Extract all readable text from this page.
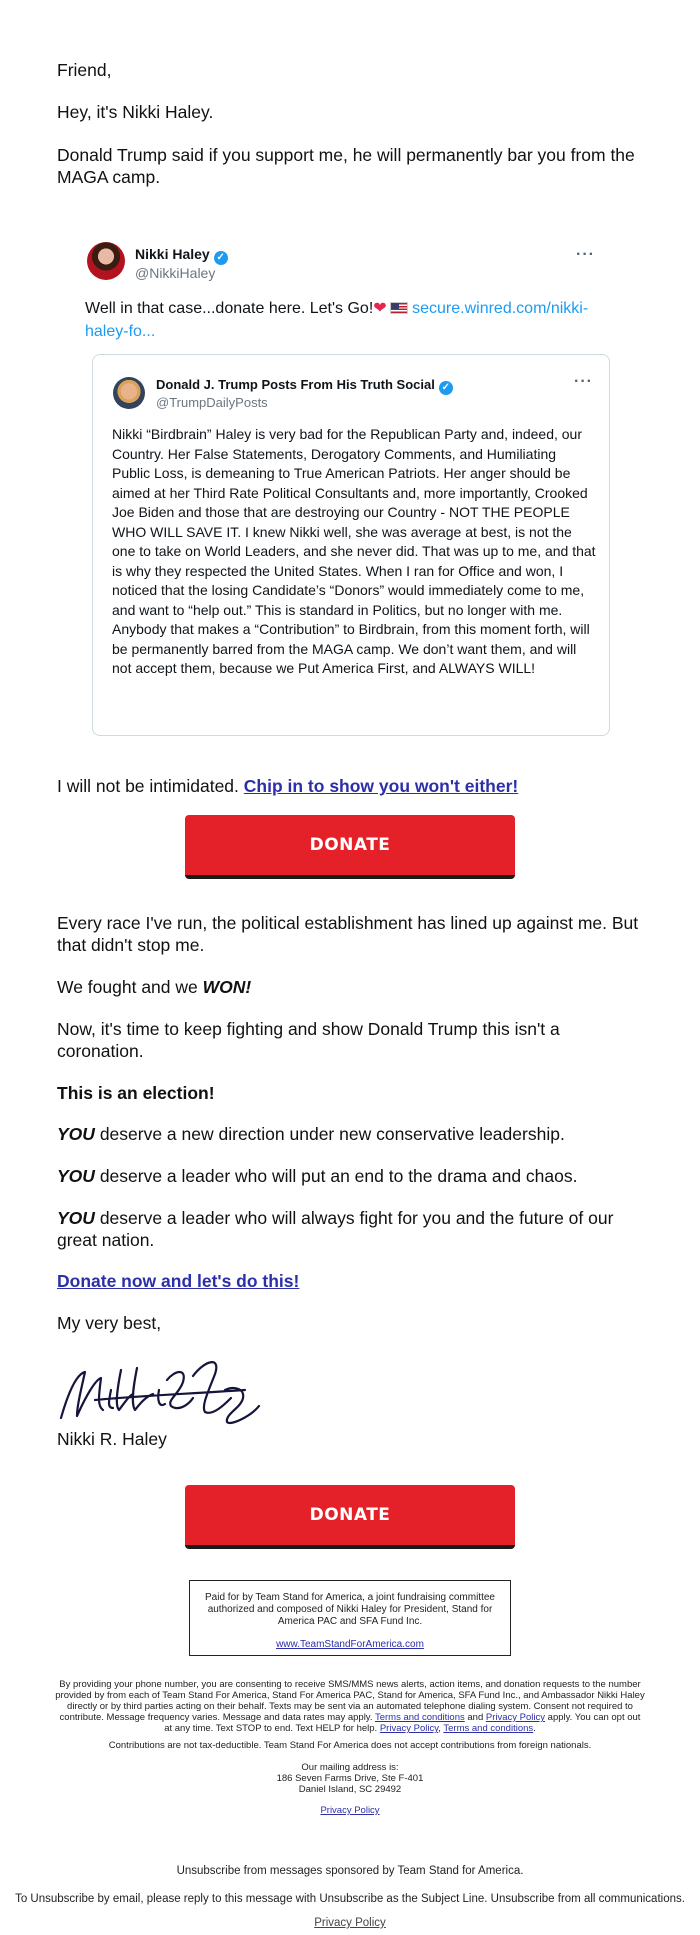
Friend,

Hey, it's Nikki Haley.

Donald Trump said if you support me, he will permanently bar you from the MAGA camp.

Nikki Haley ✓
@NikkiHaley
···
Well in that case...donate here. Let's Go!❤ secure.winred.com/nikki-haley-fo...
Donald J. Trump Posts From His Truth Social ✓
@TrumpDailyPosts
···
Nikki “Birdbrain” Haley is very bad for the Republican Party and, indeed, our Country. Her False Statements, Derogatory Comments, and Humiliating Public Loss, is demeaning to True American Patriots. Her anger should be aimed at her Third Rate Political Consultants and, more importantly, Crooked Joe Biden and those that are destroying our Country - NOT THE PEOPLE WHO WILL SAVE IT. I knew Nikki well, she was average at best, is not the one to take on World Leaders, and she never did. That was up to me, and that is why they respected the United States. When I ran for Office and won, I noticed that the losing Candidate’s “Donors” would immediately come to me, and want to “help out.” This is standard in Politics, but no longer with me. Anybody that makes a “Contribution” to Birdbrain, from this moment forth, will be permanently barred from the MAGA camp. We don’t want them, and will not accept them, because we Put America First, and ALWAYS WILL!

I will not be intimidated. Chip in to show you won't either!

DONATE

Every race I've run, the political establishment has lined up against me. But that didn't stop me.

We fought and we WON!

Now, it's time to keep fighting and show Donald Trump this isn't a coronation.

This is an election!

YOU deserve a new direction under new conservative leadership.

YOU deserve a leader who will put an end to the drama and chaos.

YOU deserve a leader who will always fight for you and the future of our great nation.

Donate now and let's do this!

My very best,

Nikki R. Haley

DONATE
Paid for by Team Stand for America, a joint fundraising committee authorized and composed of Nikki Haley for President, Stand for America PAC and SFA Fund Inc.
www.TeamStandForAmerica.com
By providing your phone number, you are consenting to receive SMS/MMS news alerts, action items, and donation requests to the number provided by from each of Team Stand For America, Stand For America PAC, Stand for America, SFA Fund Inc., and Ambassador Nikki Haley directly or by third parties acting on their behalf. Texts may be sent via an automated telephone dialing system. Consent not required to contribute. Message frequency varies. Message and data rates may apply. Terms and conditions and Privacy Policy apply. You can opt out at any time. Text STOP to end. Text HELP for help. Privacy Policy, Terms and conditions.
Contributions are not tax-deductible. Team Stand For America does not accept contributions from foreign nationals.
Our mailing address is:
186 Seven Farms Drive, Ste F-401
Daniel Island, SC 29492
Privacy Policy
Unsubscribe from messages sponsored by Team Stand for America.
To Unsubscribe by email, please reply to this message with Unsubscribe as the Subject Line. Unsubscribe from all communications.
Privacy Policy
